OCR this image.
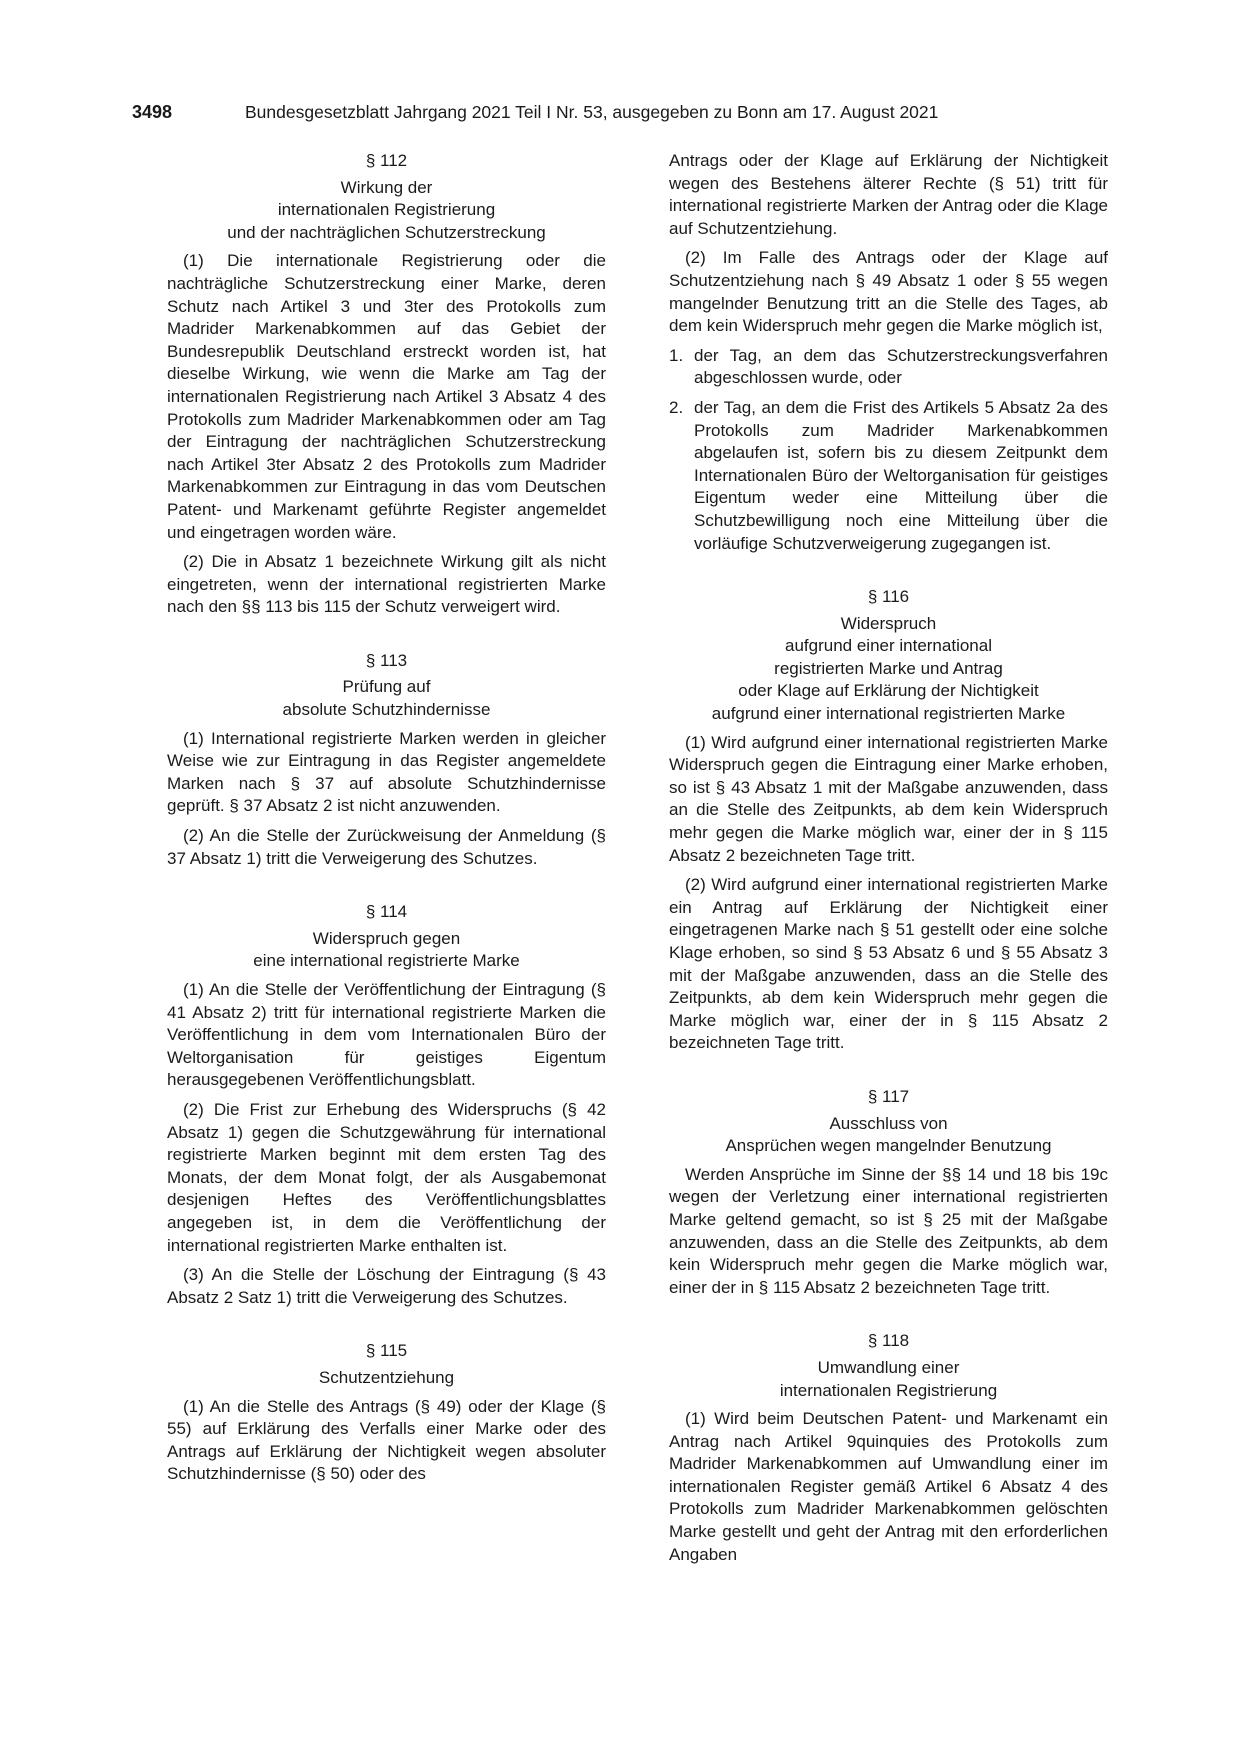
3498	Bundesgesetzblatt Jahrgang 2021 Teil I Nr. 53, ausgegeben zu Bonn am 17. August 2021

§ 112

Wirkung der
internationalen Registrierung
und der nachträglichen Schutzerstreckung

(1) Die internationale Registrierung oder die nachträgliche Schutzerstreckung einer Marke, deren Schutz nach Artikel 3 und 3ter des Protokolls zum Madrider Markenabkommen auf das Gebiet der Bundesrepublik Deutschland erstreckt worden ist, hat dieselbe Wirkung, wie wenn die Marke am Tag der internationalen Registrierung nach Artikel 3 Absatz 4 des Protokolls zum Madrider Markenabkommen oder am Tag der Eintragung der nachträglichen Schutzerstreckung nach Artikel 3ter Absatz 2 des Protokolls zum Madrider Markenabkommen zur Eintragung in das vom Deutschen Patent- und Markenamt geführte Register angemeldet und eingetragen worden wäre.

(2) Die in Absatz 1 bezeichnete Wirkung gilt als nicht eingetreten, wenn der international registrierten Marke nach den §§ 113 bis 115 der Schutz verweigert wird.

§ 113

Prüfung auf
absolute Schutzhindernisse

(1) International registrierte Marken werden in gleicher Weise wie zur Eintragung in das Register angemeldete Marken nach § 37 auf absolute Schutzhindernisse geprüft. § 37 Absatz 2 ist nicht anzuwenden.

(2) An die Stelle der Zurückweisung der Anmeldung (§ 37 Absatz 1) tritt die Verweigerung des Schutzes.

§ 114

Widerspruch gegen
eine international registrierte Marke

(1) An die Stelle der Veröffentlichung der Eintragung (§ 41 Absatz 2) tritt für international registrierte Marken die Veröffentlichung in dem vom Internationalen Büro der Weltorganisation für geistiges Eigentum herausgegebenen Veröffentlichungsblatt.

(2) Die Frist zur Erhebung des Widerspruchs (§ 42 Absatz 1) gegen die Schutzgewährung für international registrierte Marken beginnt mit dem ersten Tag des Monats, der dem Monat folgt, der als Ausgabemonat desjenigen Heftes des Veröffentlichungsblattes angegeben ist, in dem die Veröffentlichung der international registrierten Marke enthalten ist.

(3) An die Stelle der Löschung der Eintragung (§ 43 Absatz 2 Satz 1) tritt die Verweigerung des Schutzes.

§ 115

Schutzentziehung

(1) An die Stelle des Antrags (§ 49) oder der Klage (§ 55) auf Erklärung des Verfalls einer Marke oder des Antrags auf Erklärung der Nichtigkeit wegen absoluter Schutzhindernisse (§ 50) oder des

Antrags oder der Klage auf Erklärung der Nichtigkeit wegen des Bestehens älterer Rechte (§ 51) tritt für international registrierte Marken der Antrag oder die Klage auf Schutzentziehung.

(2) Im Falle des Antrags oder der Klage auf Schutzentziehung nach § 49 Absatz 1 oder § 55 wegen mangelnder Benutzung tritt an die Stelle des Tages, ab dem kein Widerspruch mehr gegen die Marke möglich ist,

1. der Tag, an dem das Schutzerstreckungsverfahren abgeschlossen wurde, oder
2. der Tag, an dem die Frist des Artikels 5 Absatz 2a des Protokolls zum Madrider Markenabkommen abgelaufen ist, sofern bis zu diesem Zeitpunkt dem Internationalen Büro der Weltorganisation für geistiges Eigentum weder eine Mitteilung über die Schutzbewilligung noch eine Mitteilung über die vorläufige Schutzverweigerung zugegangen ist.

§ 116

Widerspruch
aufgrund einer international
registrierten Marke und Antrag
oder Klage auf Erklärung der Nichtigkeit
aufgrund einer international registrierten Marke

(1) Wird aufgrund einer international registrierten Marke Widerspruch gegen die Eintragung einer Marke erhoben, so ist § 43 Absatz 1 mit der Maßgabe anzuwenden, dass an die Stelle des Zeitpunkts, ab dem kein Widerspruch mehr gegen die Marke möglich war, einer der in § 115 Absatz 2 bezeichneten Tage tritt.

(2) Wird aufgrund einer international registrierten Marke ein Antrag auf Erklärung der Nichtigkeit einer eingetragenen Marke nach § 51 gestellt oder eine solche Klage erhoben, so sind § 53 Absatz 6 und § 55 Absatz 3 mit der Maßgabe anzuwenden, dass an die Stelle des Zeitpunkts, ab dem kein Widerspruch mehr gegen die Marke möglich war, einer der in § 115 Absatz 2 bezeichneten Tage tritt.

§ 117

Ausschluss von
Ansprüchen wegen mangelnder Benutzung

Werden Ansprüche im Sinne der §§ 14 und 18 bis 19c wegen der Verletzung einer international registrierten Marke geltend gemacht, so ist § 25 mit der Maßgabe anzuwenden, dass an die Stelle des Zeitpunkts, ab dem kein Widerspruch mehr gegen die Marke möglich war, einer der in § 115 Absatz 2 bezeichneten Tage tritt.

§ 118

Umwandlung einer
internationalen Registrierung

(1) Wird beim Deutschen Patent- und Markenamt ein Antrag nach Artikel 9quinquies des Protokolls zum Madrider Markenabkommen auf Umwandlung einer im internationalen Register gemäß Artikel 6 Absatz 4 des Protokolls zum Madrider Markenabkommen gelöschten Marke gestellt und geht der Antrag mit den erforderlichen Angaben
